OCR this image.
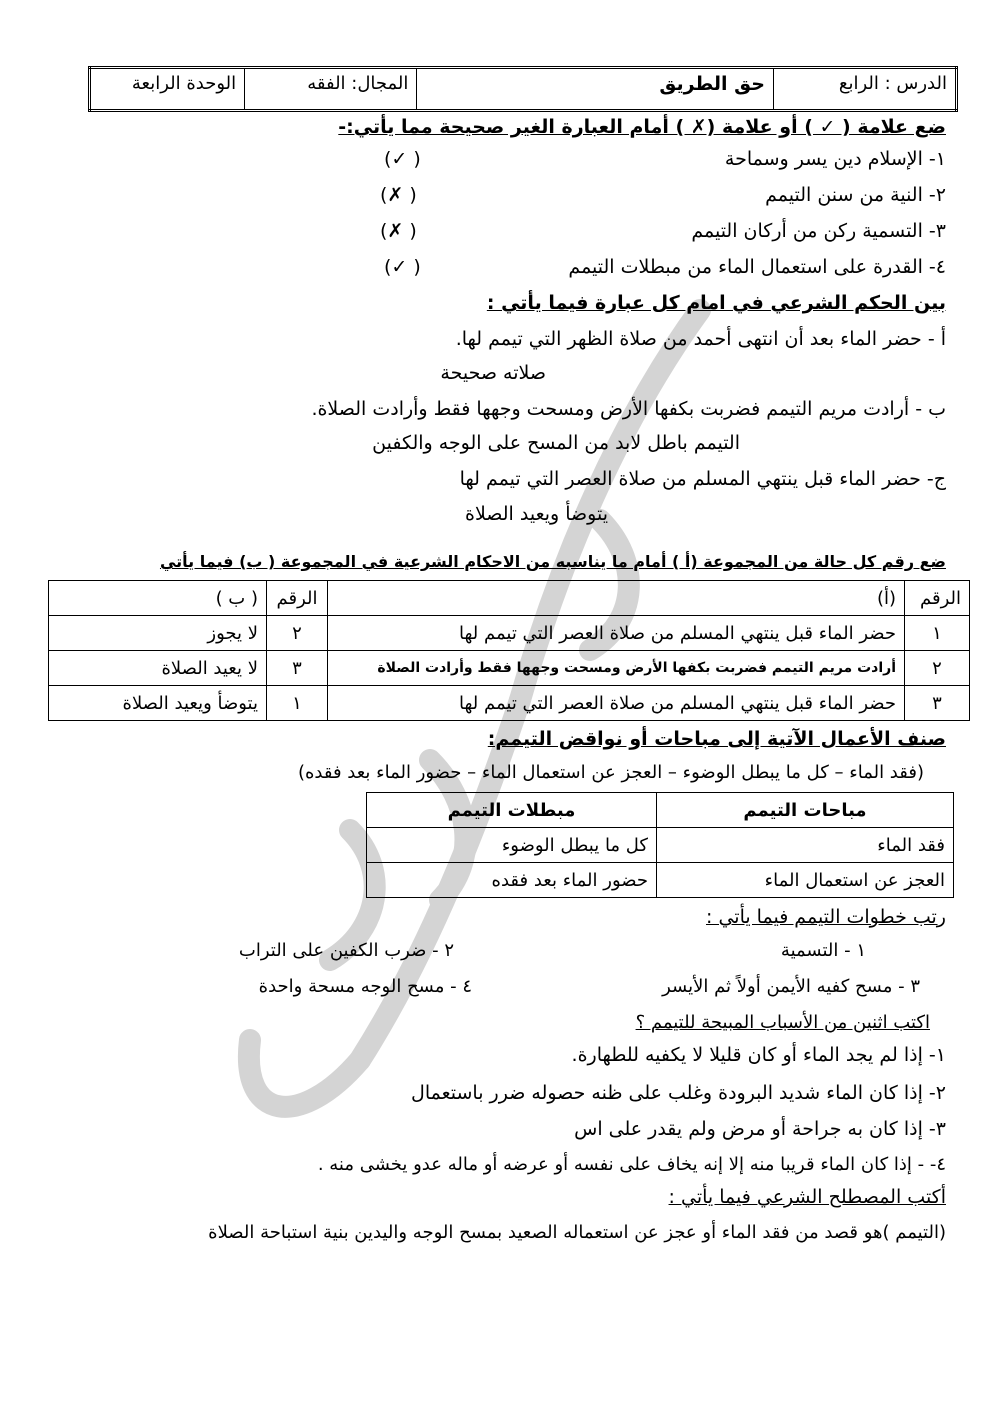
الدرس : الرابع	حق الطريق	المجال: الفقه	الوحدة الرابعة
ضع علامة ( ✓ ) أو علامة (✗ ) أمام العبارة الغير صحيحة مما يأتي:-
١- الإسلام دين يسر وسماحة
(✓ )
٢- النية من سنن التيمم
(✗ )
٣- التسمية ركن من أركان التيمم
(✗ )
٤- القدرة على استعمال الماء من مبطلات التيمم
(✓ )
بين الحكم الشرعي في امام كل عبارة فيما يأتي :
أ - حضر الماء بعد أن انتهى أحمد من صلاة الظهر التي تيمم لها.
صلاته صحيحة
ب - أرادت مريم التيمم فضربت بكفها الأرض ومسحت وجهها فقط وأرادت الصلاة.
التيمم باطل لابد من المسح على الوجه والكفين
ج- حضر الماء قبل ينتهي المسلم من صلاة العصر التي تيمم لها
يتوضأ ويعيد الصلاة
ضع رقم كل حالة من المجموعة (أ ) أمام ما يناسبه من الاحكام الشرعية في المجموعة ( ب) فيما يأتي
الرقم	(أ)	الرقم	( ب )
١	حضر الماء قبل ينتهي المسلم من صلاة العصر التي تيمم لها	٢	لا يجوز
٢	أرادت مريم التيمم فضربت بكفها الأرض ومسحت وجهها فقط وأرادت الصلاة	٣	لا يعيد الصلاة
٣	حضر الماء قبل ينتهي المسلم من صلاة العصر التي تيمم لها	١	يتوضأ ويعيد الصلاة
صنف الأعمال الآتية إلى مباحات أو نواقض التيمم:
(فقد الماء – كل ما يبطل الوضوء – العجز عن استعمال الماء – حضور الماء بعد فقده)
مباحات التيمم	مبطلات التيمم
فقد الماء	كل ما يبطل الوضوء
العجز عن استعمال الماء	حضور الماء بعد فقده
رتب خطوات التيمم فيما يأتي :
١ - التسمية
٢ - ضرب الكفين على التراب
٣ - مسح كفيه الأيمن أولاً ثم الأيسر
٤ - مسح الوجه مسحة واحدة
اكتب اثنين من الأسباب المبيحة للتيمم ؟
١- إذا لم يجد الماء أو كان قليلا لا يكفيه للطهارة.
٢- إذا كان الماء شديد البرودة وغلب على ظنه حصوله ضرر باستعمال
٣- إذا كان به جراحة أو مرض ولم يقدر على اس
٤- - إذا كان الماء قريبا منه إلا إنه يخاف على نفسه أو عرضه أو ماله عدو يخشى منه .
أكتب المصطلح الشرعي فيما يأتي :
(التيمم )هو قصد من فقد الماء أو عجز عن استعماله الصعيد بمسح الوجه واليدين بنية استباحة الصلاة
